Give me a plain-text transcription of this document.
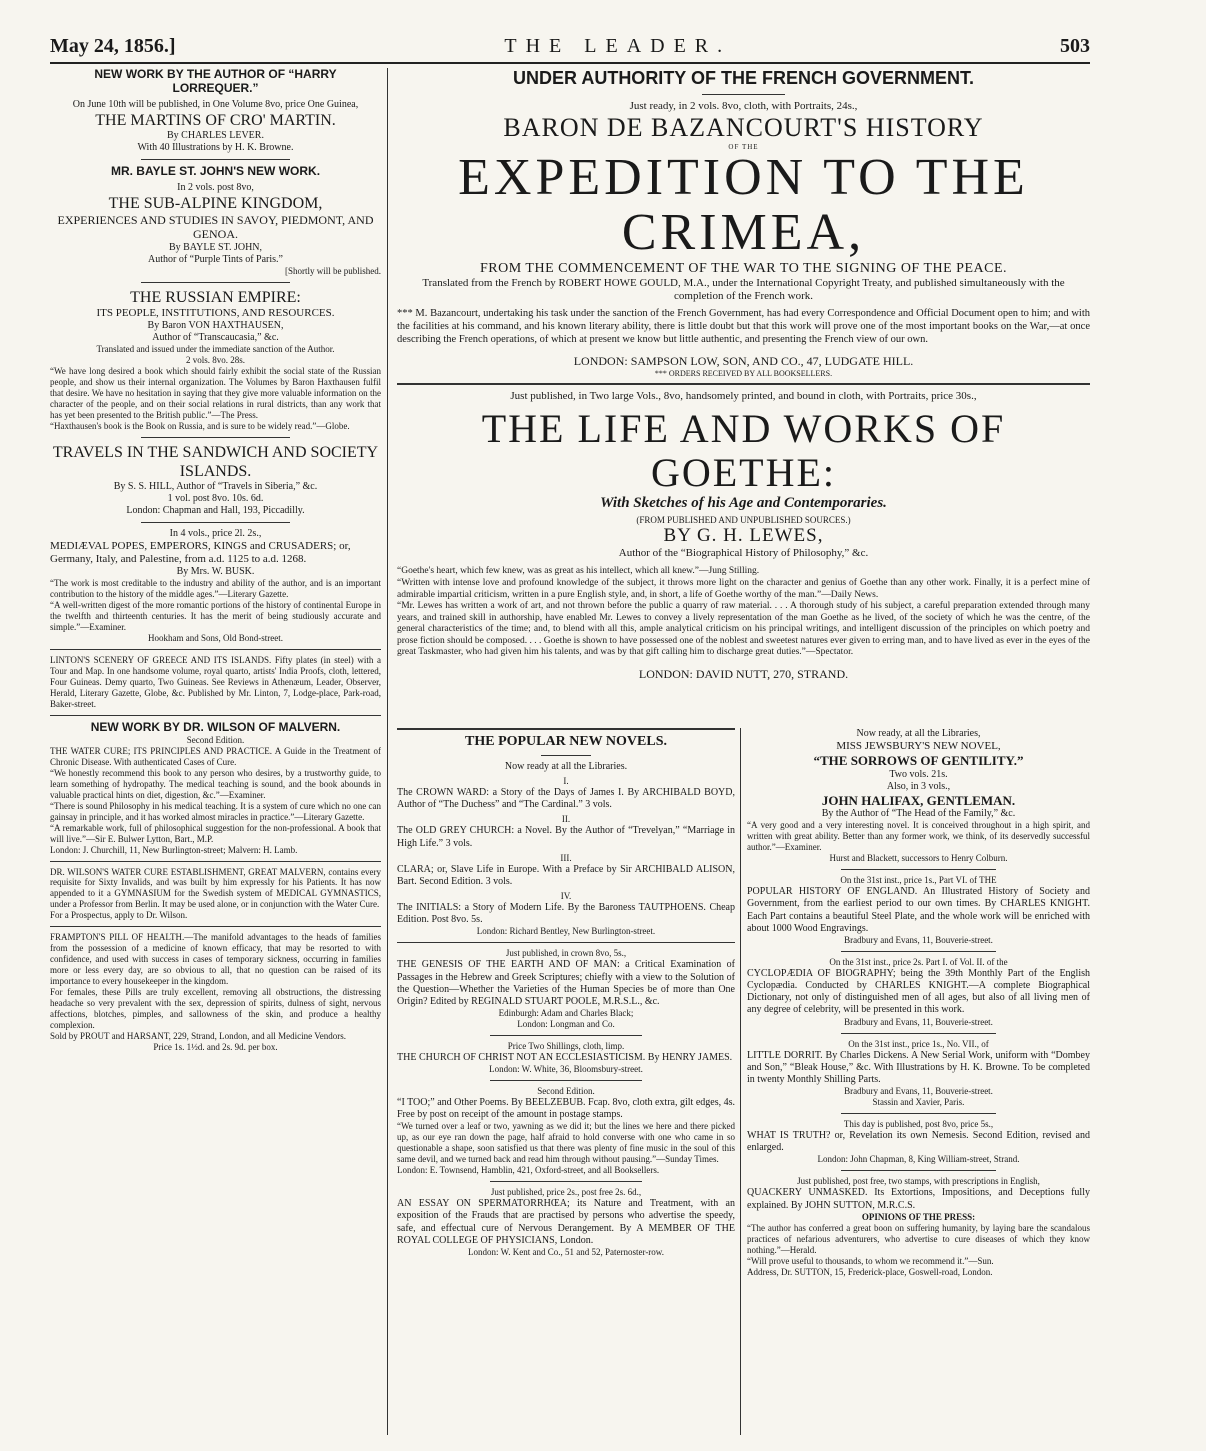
May 24, 1856.]	THE LEADER.	503
NEW WORK BY THE AUTHOR OF “HARRY LORREQUER.”
On June 10th will be published, in One Volume 8vo, price One Guinea,
THE MARTINS OF CRO' MARTIN.
By CHARLES LEVER.
With 40 Illustrations by H. K. Browne.
MR. BAYLE ST. JOHN'S NEW WORK.
In 2 vols. post 8vo,
THE SUB-ALPINE KINGDOM,
EXPERIENCES AND STUDIES IN SAVOY, PIEDMONT, AND GENOA.
By BAYLE ST. JOHN,
Author of “Purple Tints of Paris.”
[Shortly will be published.
THE RUSSIAN EMPIRE:
ITS PEOPLE, INSTITUTIONS, AND RESOURCES.
By Baron VON HAXTHAUSEN,
Author of “Transcaucasia,” &c.
Translated and issued under the immediate sanction of the Author.
2 vols. 8vo. 28s.
“We have long desired a book which should fairly exhibit the social state of the Russian people, and show us their internal organization. The Volumes by Baron Haxthausen fulfil that desire. We have no hesitation in saying that they give more valuable information on the character of the people, and on their social relations in rural districts, than any work that has yet been presented to the British public.”—The Press.
“Haxthausen's book is the Book on Russia, and is sure to be widely read.”—Globe.
TRAVELS IN THE SANDWICH AND SOCIETY ISLANDS.
By S. S. HILL, Author of “Travels in Siberia,” &c.
1 vol. post 8vo. 10s. 6d.
London: Chapman and Hall, 193, Piccadilly.
In 4 vols., price 2l. 2s.,
MEDIÆVAL POPES, EMPERORS, KINGS and CRUSADERS; or, Germany, Italy, and Palestine, from a.d. 1125 to a.d. 1268.
By Mrs. W. BUSK.
“The work is most creditable to the industry and ability of the author, and is an important contribution to the history of the middle ages.”—Literary Gazette.
“A well-written digest of the more romantic portions of the history of continental Europe in the twelfth and thirteenth centuries. It has the merit of being studiously accurate and simple.”—Examiner.
Hookham and Sons, Old Bond-street.
LINTON'S SCENERY OF GREECE AND ITS ISLANDS. Fifty plates (in steel) with a Tour and Map. In one handsome volume, royal quarto, artists' India Proofs, cloth, lettered, Four Guineas. Demy quarto, Two Guineas. See Reviews in Athenæum, Leader, Observer, Herald, Literary Gazette, Globe, &c. Published by Mr. Linton, 7, Lodge-place, Park-road, Baker-street.
NEW WORK BY DR. WILSON OF MALVERN.
Second Edition.
THE WATER CURE; ITS PRINCIPLES AND PRACTICE. A Guide in the Treatment of Chronic Disease. With authenticated Cases of Cure.
“We honestly recommend this book to any person who desires, by a trustworthy guide, to learn something of hydropathy. The medical teaching is sound, and the book abounds in valuable practical hints on diet, digestion, &c.”—Examiner.
“There is sound Philosophy in his medical teaching. It is a system of cure which no one can gainsay in principle, and it has worked almost miracles in practice.”—Literary Gazette.
“A remarkable work, full of philosophical suggestion for the non-professional. A book that will live.”—Sir E. Bulwer Lytton, Bart., M.P.
London: J. Churchill, 11, New Burlington-street; Malvern: H. Lamb.
DR. WILSON'S WATER CURE ESTABLISHMENT, GREAT MALVERN, contains every requisite for Sixty Invalids, and was built by him expressly for his Patients. It has now appended to it a GYMNASIUM for the Swedish system of MEDICAL GYMNASTICS, under a Professor from Berlin. It may be used alone, or in conjunction with the Water Cure.
For a Prospectus, apply to Dr. Wilson.
FRAMPTON'S PILL OF HEALTH.—The manifold advantages to the heads of families from the possession of a medicine of known efficacy, that may be resorted to with confidence, and used with success in cases of temporary sickness, occurring in families more or less every day, are so obvious to all, that no question can be raised of its importance to every housekeeper in the kingdom.
For females, these Pills are truly excellent, removing all obstructions, the distressing headache so very prevalent with the sex, depression of spirits, dulness of sight, nervous affections, blotches, pimples, and sallowness of the skin, and produce a healthy complexion.
Sold by PROUT and HARSANT, 229, Strand, London, and all Medicine Vendors.
Price 1s. 1½d. and 2s. 9d. per box.
UNDER AUTHORITY OF THE FRENCH GOVERNMENT.
Just ready, in 2 vols. 8vo, cloth, with Portraits, 24s.,
BARON DE BAZANCOURT'S HISTORY
OF THE
EXPEDITION TO THE CRIMEA,
FROM THE COMMENCEMENT OF THE WAR TO THE SIGNING OF THE PEACE.
Translated from the French by ROBERT HOWE GOULD, M.A., under the International Copyright Treaty, and published simultaneously with the completion of the French work.
*** M. Bazancourt, undertaking his task under the sanction of the French Government, has had every Correspondence and Official Document open to him; and with the facilities at his command, and his known literary ability, there is little doubt but that this work will prove one of the most important books on the War,—at once describing the French operations, of which at present we know but little authentic, and presenting the French view of our own.
LONDON: SAMPSON LOW, SON, AND CO., 47, LUDGATE HILL.
*** ORDERS RECEIVED BY ALL BOOKSELLERS.
Just published, in Two large Vols., 8vo, handsomely printed, and bound in cloth, with Portraits, price 30s.,
THE LIFE AND WORKS OF GOETHE:
With Sketches of his Age and Contemporaries.
(FROM PUBLISHED AND UNPUBLISHED SOURCES.)
BY G. H. LEWES,
Author of the “Biographical History of Philosophy,” &c.
“Goethe's heart, which few knew, was as great as his intellect, which all knew.”—Jung Stilling.
“Written with intense love and profound knowledge of the subject, it throws more light on the character and genius of Goethe than any other work. Finally, it is a perfect mine of admirable impartial criticism, written in a pure English style, and, in short, a life of Goethe worthy of the man.”—Daily News.
“Mr. Lewes has written a work of art, and not thrown before the public a quarry of raw material. . . . A thorough study of his subject, a careful preparation extended through many years, and trained skill in authorship, have enabled Mr. Lewes to convey a lively representation of the man Goethe as he lived, of the society of which he was the centre, of the general characteristics of the time; and, to blend with all this, ample analytical criticism on his principal writings, and intelligent discussion of the principles on which poetry and prose fiction should be composed. . . . Goethe is shown to have possessed one of the noblest and sweetest natures ever given to erring man, and to have lived as ever in the eyes of the great Taskmaster, who had given him his talents, and was by that gift calling him to discharge great duties.”—Spectator.
LONDON: DAVID NUTT, 270, STRAND.
THE POPULAR NEW NOVELS.
Now ready at all the Libraries.
I.
The CROWN WARD: a Story of the Days of James I. By ARCHIBALD BOYD, Author of “The Duchess” and “The Cardinal.” 3 vols.
II.
The OLD GREY CHURCH: a Novel. By the Author of “Trevelyan,” “Marriage in High Life.” 3 vols.
III.
CLARA; or, Slave Life in Europe. With a Preface by Sir ARCHIBALD ALISON, Bart. Second Edition. 3 vols.
IV.
The INITIALS: a Story of Modern Life. By the Baroness TAUTPHOENS. Cheap Edition. Post 8vo. 5s.
London: Richard Bentley, New Burlington-street.
Just published, in crown 8vo, 5s.,
THE GENESIS OF THE EARTH AND OF MAN: a Critical Examination of Passages in the Hebrew and Greek Scriptures; chiefly with a view to the Solution of the Question—Whether the Varieties of the Human Species be of more than One Origin? Edited by REGINALD STUART POOLE, M.R.S.L., &c.
Edinburgh: Adam and Charles Black;
London: Longman and Co.
Price Two Shillings, cloth, limp.
THE CHURCH OF CHRIST NOT AN ECCLESIASTICISM. By HENRY JAMES.
London: W. White, 36, Bloomsbury-street.
Second Edition.
“I TOO;” and Other Poems. By BEELZEBUB. Fcap. 8vo, cloth extra, gilt edges, 4s. Free by post on receipt of the amount in postage stamps.
“We turned over a leaf or two, yawning as we did it; but the lines we here and there picked up, as our eye ran down the page, half afraid to hold converse with one who came in so questionable a shape, soon satisfied us that there was plenty of fine music in the soul of this same devil, and we turned back and read him through without pausing.”—Sunday Times.
London: E. Townsend, Hamblin, 421, Oxford-street, and all Booksellers.
Just published, price 2s., post free 2s. 6d.,
AN ESSAY ON SPERMATORRHŒA; its Nature and Treatment, with an exposition of the Frauds that are practised by persons who advertise the speedy, safe, and effectual cure of Nervous Derangement. By A MEMBER OF THE ROYAL COLLEGE OF PHYSICIANS, London.
London: W. Kent and Co., 51 and 52, Paternoster-row.
Now ready, at all the Libraries,
MISS JEWSBURY'S NEW NOVEL,
“THE SORROWS OF GENTILITY.”
Two vols. 21s.
Also, in 3 vols.,
JOHN HALIFAX, GENTLEMAN.
By the Author of “The Head of the Family,” &c.
“A very good and a very interesting novel. It is conceived throughout in a high spirit, and written with great ability. Better than any former work, we think, of its deservedly successful author.”—Examiner.
Hurst and Blackett, successors to Henry Colburn.
On the 31st inst., price 1s., Part VI. of THE
POPULAR HISTORY OF ENGLAND. An Illustrated History of Society and Government, from the earliest period to our own times. By CHARLES KNIGHT. Each Part contains a beautiful Steel Plate, and the whole work will be enriched with about 1000 Wood Engravings.
Bradbury and Evans, 11, Bouverie-street.
On the 31st inst., price 2s. Part I. of Vol. II. of the
CYCLOPÆDIA OF BIOGRAPHY; being the 39th Monthly Part of the English Cyclopædia. Conducted by CHARLES KNIGHT.—A complete Biographical Dictionary, not only of distinguished men of all ages, but also of all living men of any degree of celebrity, will be presented in this work.
Bradbury and Evans, 11, Bouverie-street.
On the 31st inst., price 1s., No. VII., of
LITTLE DORRIT. By Charles Dickens. A New Serial Work, uniform with “Dombey and Son,” “Bleak House,” &c. With Illustrations by H. K. Browne. To be completed in twenty Monthly Shilling Parts.
Bradbury and Evans, 11, Bouverie-street.
Stassin and Xavier, Paris.
This day is published, post 8vo, price 5s.,
WHAT IS TRUTH? or, Revelation its own Nemesis. Second Edition, revised and enlarged.
London: John Chapman, 8, King William-street, Strand.
Just published, post free, two stamps, with prescriptions in English,
QUACKERY UNMASKED. Its Extortions, Impositions, and Deceptions fully explained. By JOHN SUTTON, M.R.C.S.
OPINIONS OF THE PRESS:
“The author has conferred a great boon on suffering humanity, by laying bare the scandalous practices of nefarious adventurers, who advertise to cure diseases of which they know nothing.”—Herald.
“Will prove useful to thousands, to whom we recommend it.”—Sun.
Address, Dr. SUTTON, 15, Frederick-place, Goswell-road, London.
